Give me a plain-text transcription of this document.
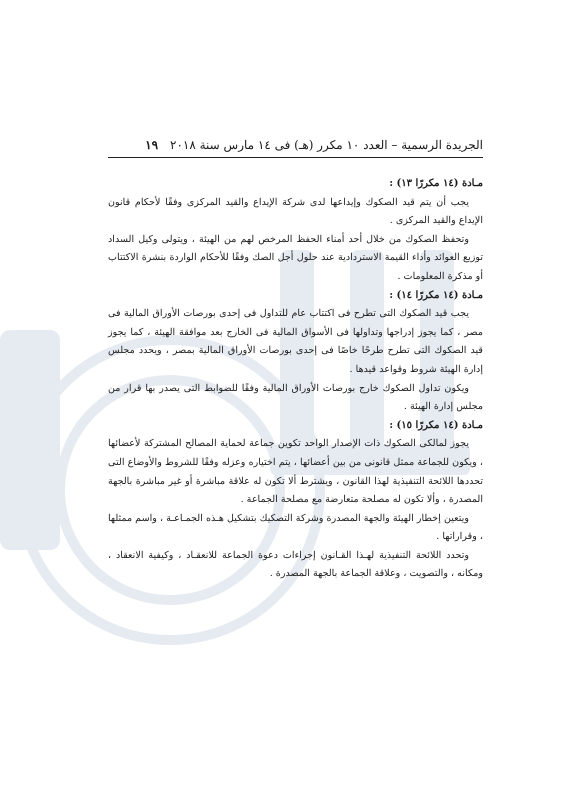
١٩ الجريدة الرسمية – العدد ١٠ مكرر (هـ) فى ١٤ مارس سنة ٢٠١٨

مـادة (١٤ مكررًا ١٣) :

يجب أن يتم قيد الصكوك وإيداعها لدى شركة الإيداع والقيد المركزى وفقًا لأحكام قانون الإيداع والقيد المركزى .

وتحفظ الصكوك من خلال أحد أمناء الحفظ المرخص لهم من الهيئة ، ويتولى وكيل السداد توزيع العوائد وأداء القيمة الاستردادية عند حلول أجل الصك وفقًا للأحكام الواردة بنشرة الاكتتاب أو مذكرة المعلومات .

مـادة (١٤ مكررًا ١٤) :

يجب قيد الصكوك التى تطرح فى اكتتاب عام للتداول فى إحدى بورصات الأوراق المالية فى مصر ، كما يجوز إدراجها وتداولها فى الأسواق المالية فى الخارج بعد موافقة الهيئة ، كما يجوز قيد الصكوك التى تطرح طرحًا خاصًا فى إحدى بورصات الأوراق المالية بمصر ، ويحدد مجلس إدارة الهيئة شروط وقواعد قيدها .

ويكون تداول الصكوك خارج بورصات الأوراق المالية وفقًا للضوابط التى يصدر بها قرار من مجلس إدارة الهيئة .

مـادة (١٤ مكررًا ١٥) :

يجوز لمالكى الصكوك ذات الإصدار الواحد تكوين جماعة لحماية المصالح المشتركة لأعضائها ، ويكون للجماعة ممثل قانونى من بين أعضائها ، يتم اختياره وعزله وفقًا للشروط والأوضاع التى تحددها اللائحة التنفيذية لهذا القانون ، ويشترط ألا تكون له علاقة مباشرة أو غير مباشرة بالجهة المصدرة ، وألا تكون له مصلحة متعارضة مع مصلحة الجماعة .

ويتعين إخطار الهيئة والجهة المصدرة وشركة التصكيك بتشكيل هـذه الجمـاعـة ، واسم ممثلها ، وقراراتها .

وتحدد اللائحة التنفيذية لهـذا القـانون إجراءات دعوة الجماعة للانعقـاد ، وكيفية الانعقاد ، ومكانه ، والتصويت ، وعلاقة الجماعة بالجهة المصدرة .
